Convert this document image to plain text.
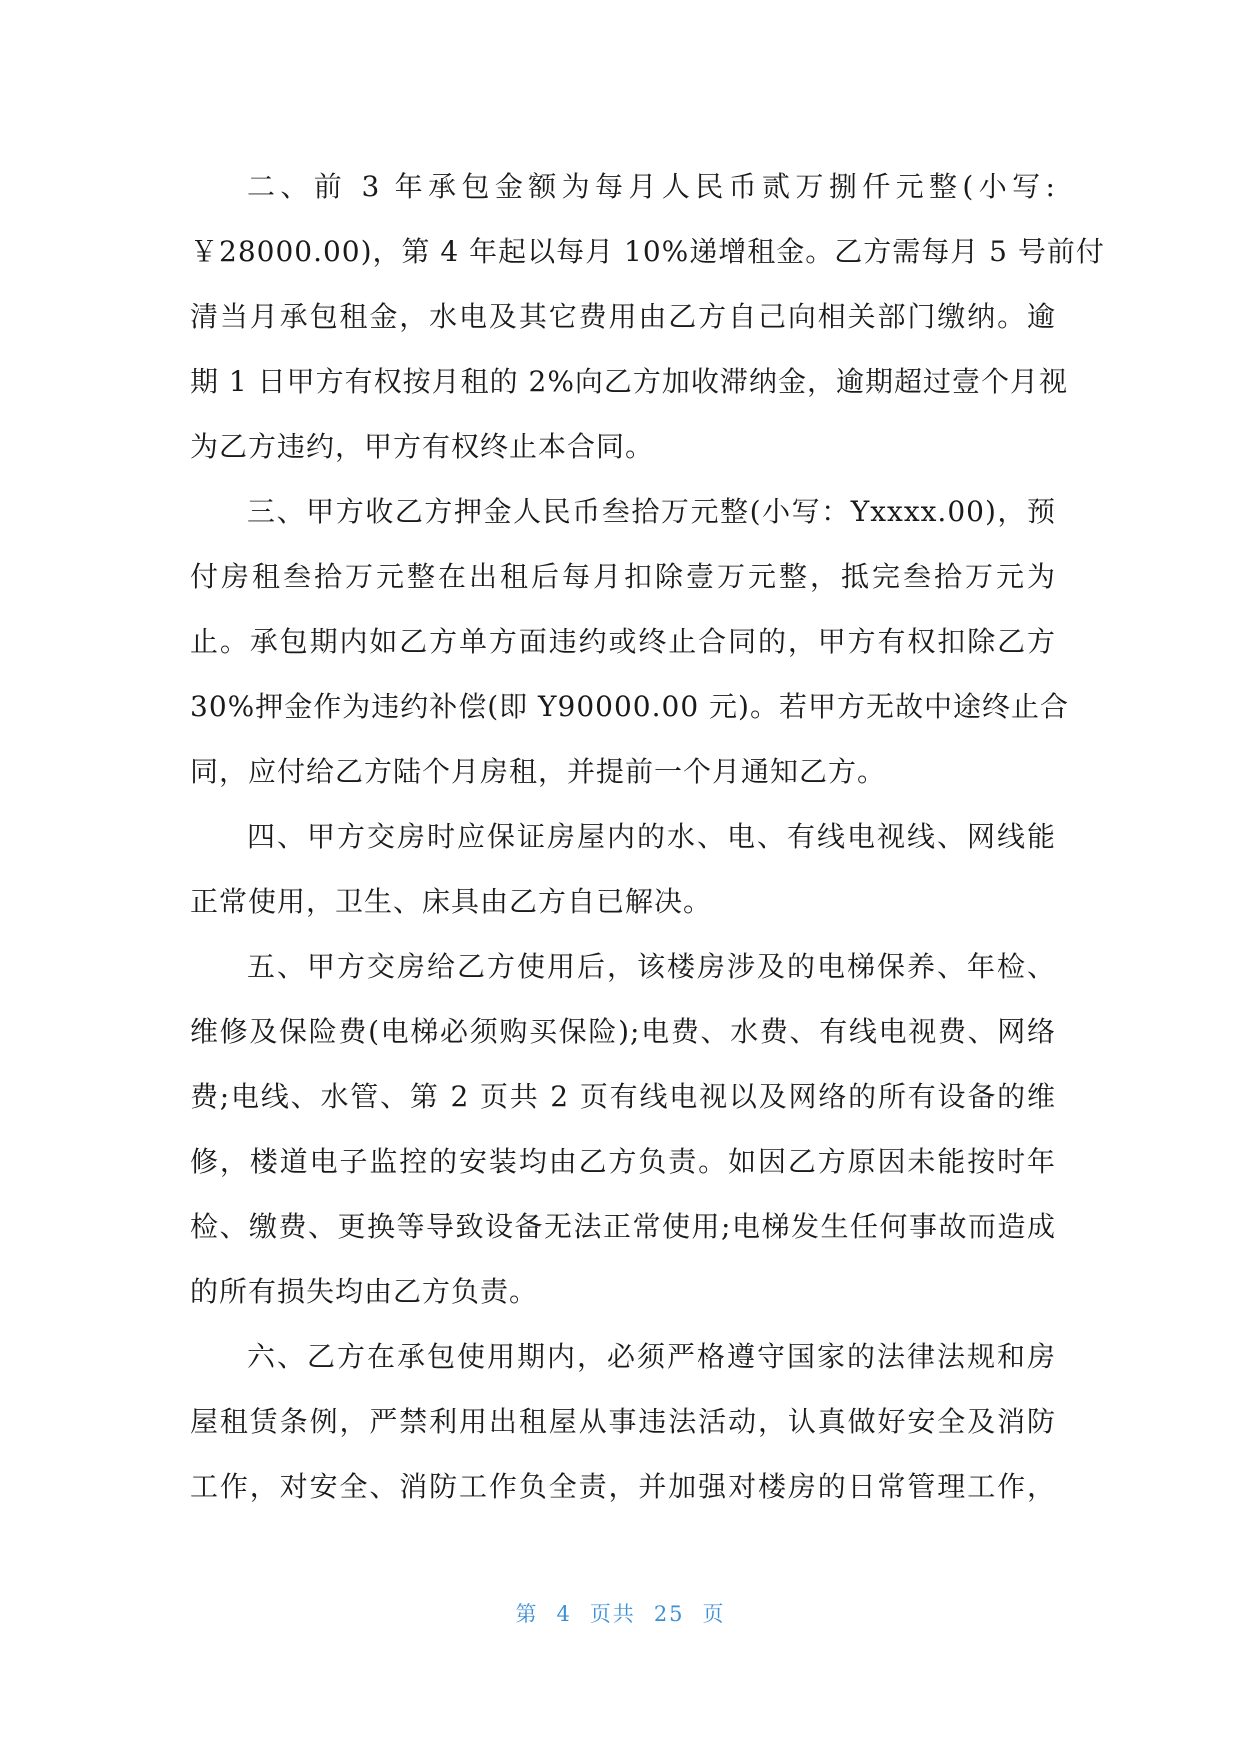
二、前 3 年承包金额为每月人民币贰万捌仟元整(小写:
￥28000.00)，第 4 年起以每月 10%递增租金。乙方需每月 5 号前付
清当月承包租金，水电及其它费用由乙方自己向相关部门缴纳。逾
期 1 日甲方有权按月租的 2%向乙方加收滞纳金，逾期超过壹个月视
为乙方违约，甲方有权终止本合同。
三、甲方收乙方押金人民币叁拾万元整(小写：Yxxxx.00)，预
付房租叁拾万元整在出租后每月扣除壹万元整，抵完叁拾万元为
止。承包期内如乙方单方面违约或终止合同的，甲方有权扣除乙方
30%押金作为违约补偿(即 Y90000.00 元)。若甲方无故中途终止合
同，应付给乙方陆个月房租，并提前一个月通知乙方。
四、甲方交房时应保证房屋内的水、电、有线电视线、网线能
正常使用，卫生、床具由乙方自已解决。
五、甲方交房给乙方使用后，该楼房涉及的电梯保养、年检、
维修及保险费(电梯必须购买保险);电费、水费、有线电视费、网络
费;电线、水管、第 2 页共 2 页有线电视以及网络的所有设备的维
修，楼道电子监控的安装均由乙方负责。如因乙方原因未能按时年
检、缴费、更换等导致设备无法正常使用;电梯发生任何事故而造成
的所有损失均由乙方负责。
六、乙方在承包使用期内，必须严格遵守国家的法律法规和房
屋租赁条例，严禁利用出租屋从事违法活动，认真做好安全及消防
工作，对安全、消防工作负全责，并加强对楼房的日常管理工作，
第 4 页共 25 页
